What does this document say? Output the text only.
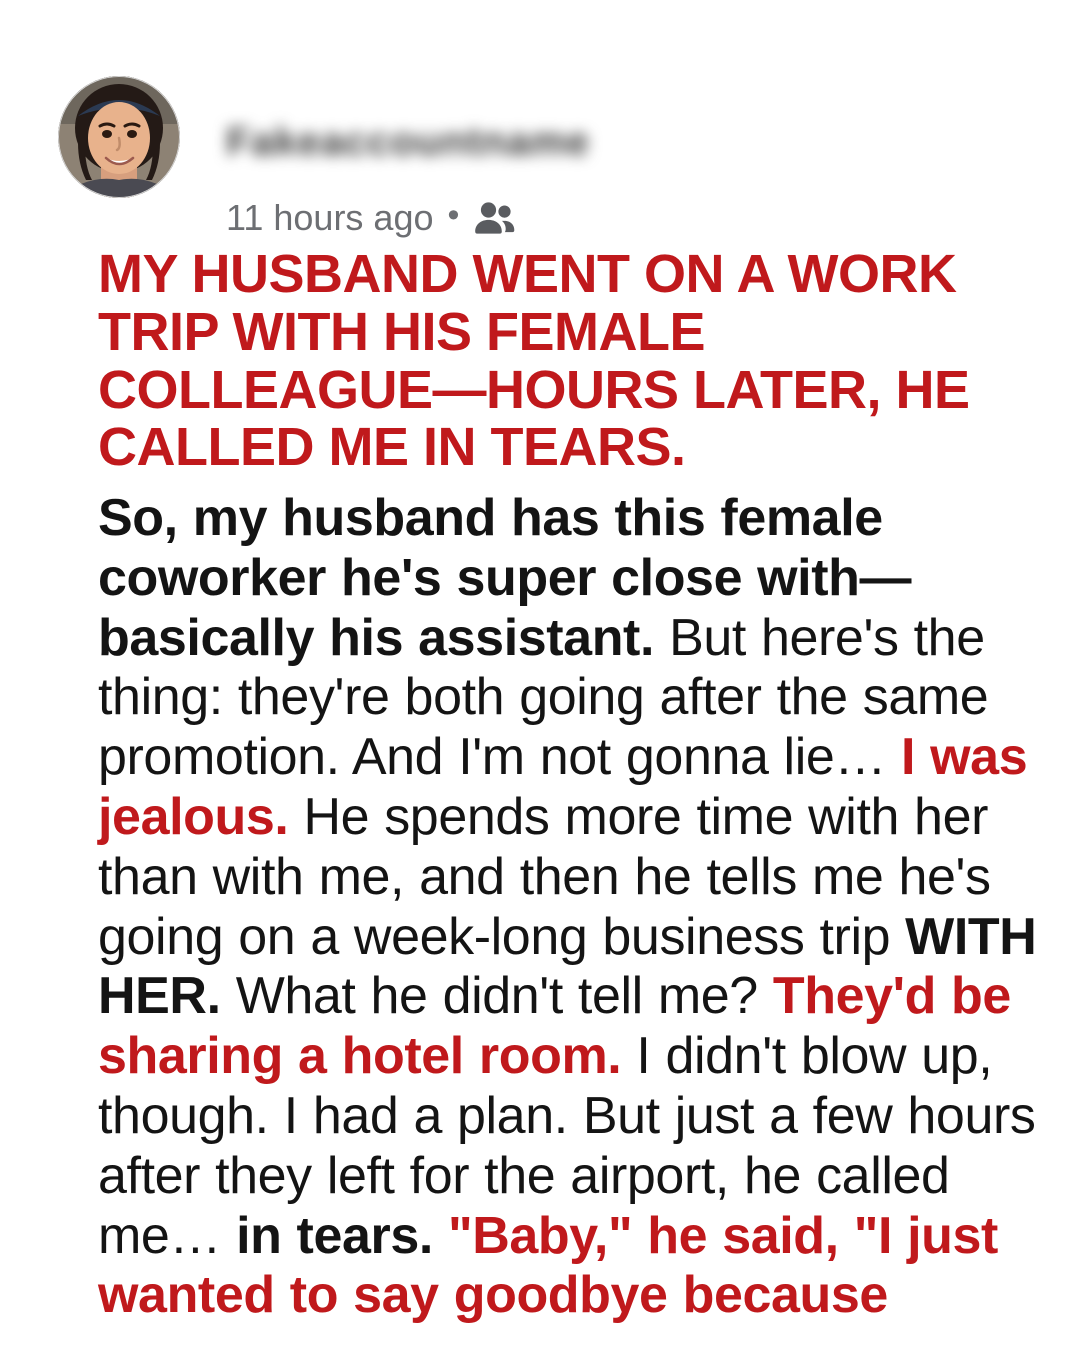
Fakeaccountname
11 hours ago •
MY HUSBAND WENT ON A WORK TRIP WITH HIS FEMALE COLLEAGUE—HOURS LATER, HE CALLED ME IN TEARS.

So, my husband has this female coworker he's super close with—basically his assistant. But here's the thing: they're both going after the same promotion. And I'm not gonna lie… I was jealous. He spends more time with her than with me, and then he tells me he's going on a week-long business trip WITH HER. What he didn't tell me? They'd be sharing a hotel room. I didn't blow up, though. I had a plan. But just a few hours after they left for the airport, he called me… in tears. "Baby," he said, "I just wanted to say goodbye because
